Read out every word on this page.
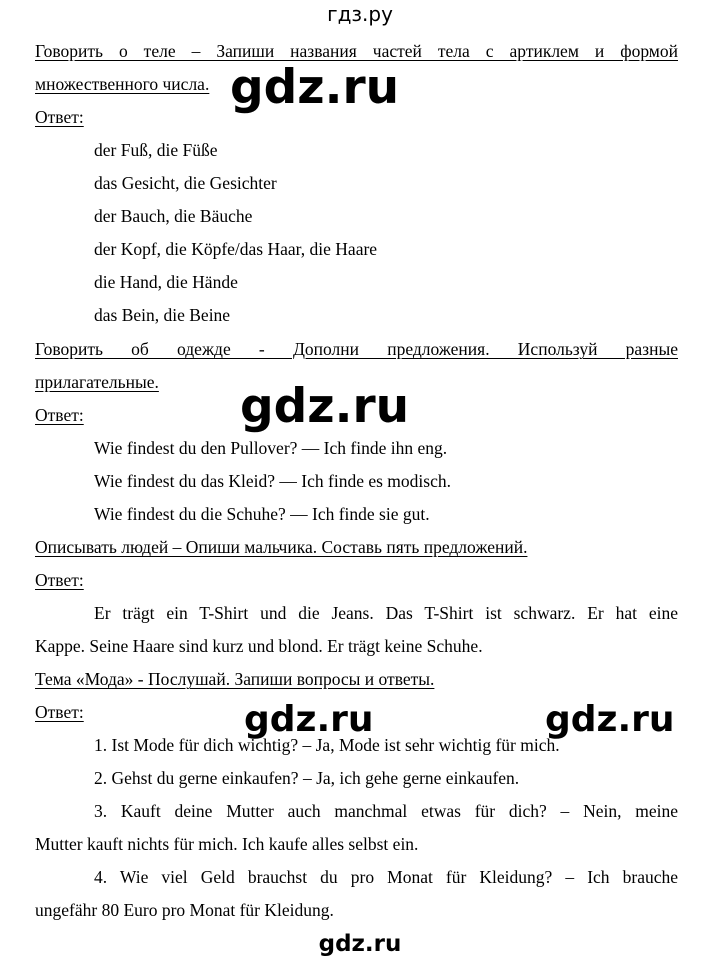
гдз.ру
Говорить о теле – Запиши названия частей тела с артиклем и формой
множественного числа.
Ответ:
der Fuß, die Füße
das Gesicht, die Gesichter
der Bauch, die Bäuche
der Kopf, die Köpfe/das Haar, die Haare
die Hand, die Hände
das Bein, die Beine
Говорить об одежде - Дополни предложения. Используй разные
прилагательные.
Ответ:
Wie findest du den Pullover? — Ich finde ihn eng.
Wie findest du das Kleid? — Ich finde es modisch.
Wie findest du die Schuhe? — Ich finde sie gut.
Описывать людей – Опиши мальчика. Составь пять предложений.
Ответ:
Er trägt ein T-Shirt und die Jeans. Das T-Shirt ist schwarz. Er hat eine
Kappe. Seine Haare sind kurz und blond. Er trägt keine Schuhe.
Тема «Мода» - Послушай. Запиши вопросы и ответы.
Ответ:
1. Ist Mode für dich wichtig? – Ja, Mode ist sehr wichtig für mich.
2. Gehst du gerne einkaufen? – Ja, ich gehe gerne einkaufen.
3. Kauft deine Mutter auch manchmal etwas für dich? – Nein, meine
Mutter kauft nichts für mich. Ich kaufe alles selbst ein.
4. Wie viel Geld brauchst du pro Monat für Kleidung? – Ich brauche
ungefähr 80 Euro pro Monat für Kleidung.
gdz.ru
gdz.ru
gdz.ru	gdz.ru
gdz.ru
